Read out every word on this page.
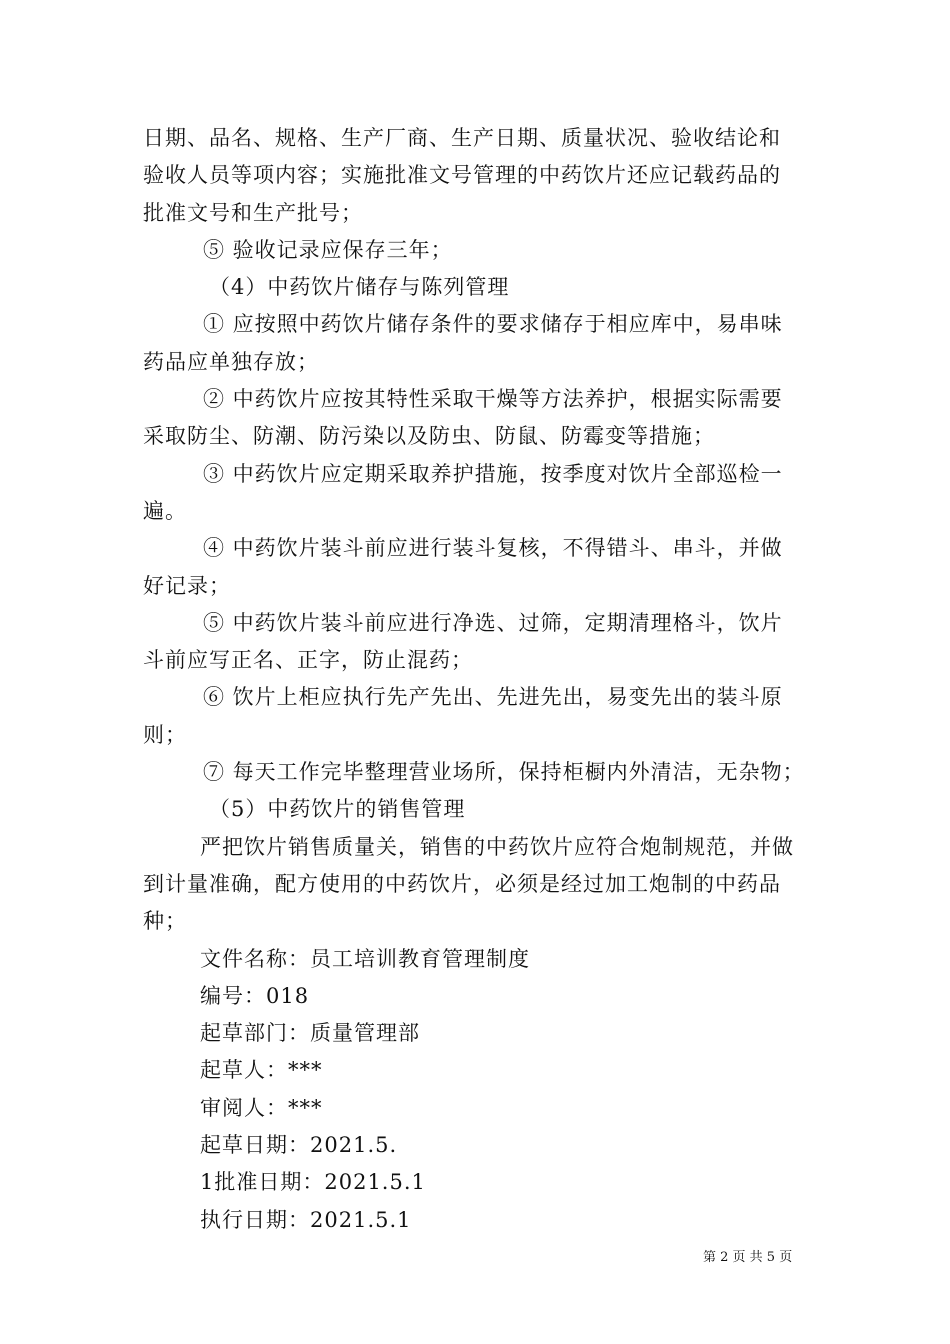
日期、品名、规格、生产厂商、生产日期、质量状况、验收结论和
验收人员等项内容；实施批准文号管理的中药饮片还应记载药品的
批准文号和生产批号；
⑤ 验收记录应保存三年；
（4）中药饮片储存与陈列管理
① 应按照中药饮片储存条件的要求储存于相应库中，易串味
药品应单独存放；
② 中药饮片应按其特性采取干燥等方法养护，根据实际需要
采取防尘、防潮、防污染以及防虫、防鼠、防霉变等措施；
③ 中药饮片应定期采取养护措施，按季度对饮片全部巡检一
遍。
④ 中药饮片装斗前应进行装斗复核，不得错斗、串斗，并做
好记录；
⑤ 中药饮片装斗前应进行净选、过筛，定期清理格斗，饮片
斗前应写正名、正字，防止混药；
⑥ 饮片上柜应执行先产先出、先进先出，易变先出的装斗原
则；
⑦ 每天工作完毕整理营业场所，保持柜橱内外清洁，无杂物；
（5）中药饮片的销售管理
严把饮片销售质量关，销售的中药饮片应符合炮制规范，并做
到计量准确，配方使用的中药饮片，必须是经过加工炮制的中药品
种；
文件名称：员工培训教育管理制度
编号：018
起草部门：质量管理部
起草人：***
审阅人：***
起草日期：2021.5.
1批准日期：2021.5.1
执行日期：2021.5.1
第 2 页 共 5 页
